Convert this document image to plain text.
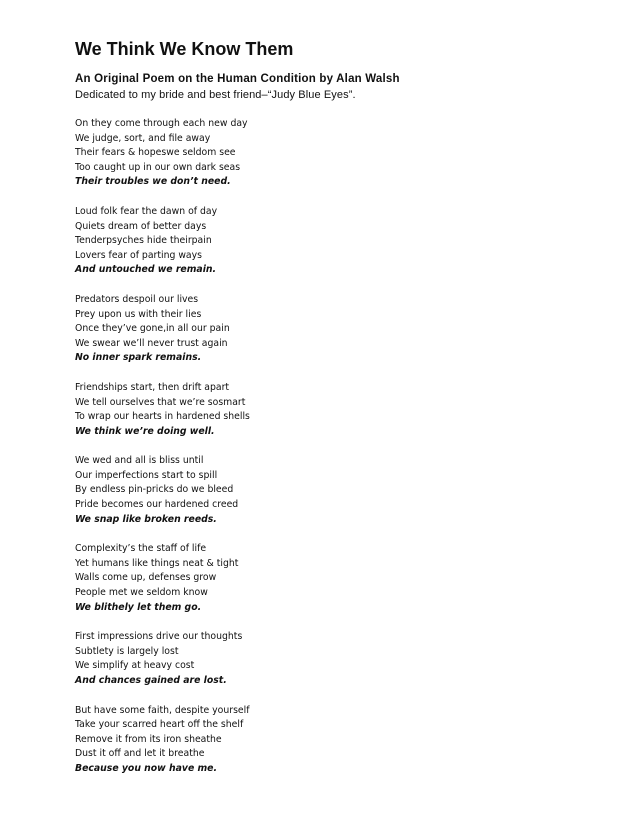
We Think We Know Them
An Original Poem on the Human Condition by Alan Walsh
Dedicated to my bride and best friend–“Judy Blue Eyes”.
On they come through each new day
We judge, sort, and file away
Their fears & hopeswe seldom see
Too caught up in our own dark seas
Their troubles we don’t need.
Loud folk fear the dawn of day
Quiets dream of better days
Tenderpsyches hide theirpain
Lovers fear of parting ways
And untouched we remain.
Predators despoil our lives
Prey upon us with their lies
Once they’ve gone,in all our pain
We swear we’ll never trust again
No inner spark remains.
Friendships start, then drift apart
We tell ourselves that we’re sosmart
To wrap our hearts in hardened shells
We think we’re doing well.
We wed and all is bliss until
Our imperfections start to spill
By endless pin-pricks do we bleed
Pride becomes our hardened creed
We snap like broken reeds.
Complexity’s the staff of life
Yet humans like things neat & tight
Walls come up, defenses grow
People met we seldom know
We blithely let them go.
First impressions drive our thoughts
Subtlety is largely lost
We simplify at heavy cost
And chances gained are lost.
But have some faith, despite yourself
Take your scarred heart off the shelf
Remove it from its iron sheathe
Dust it off and let it breathe
Because you now have me.
